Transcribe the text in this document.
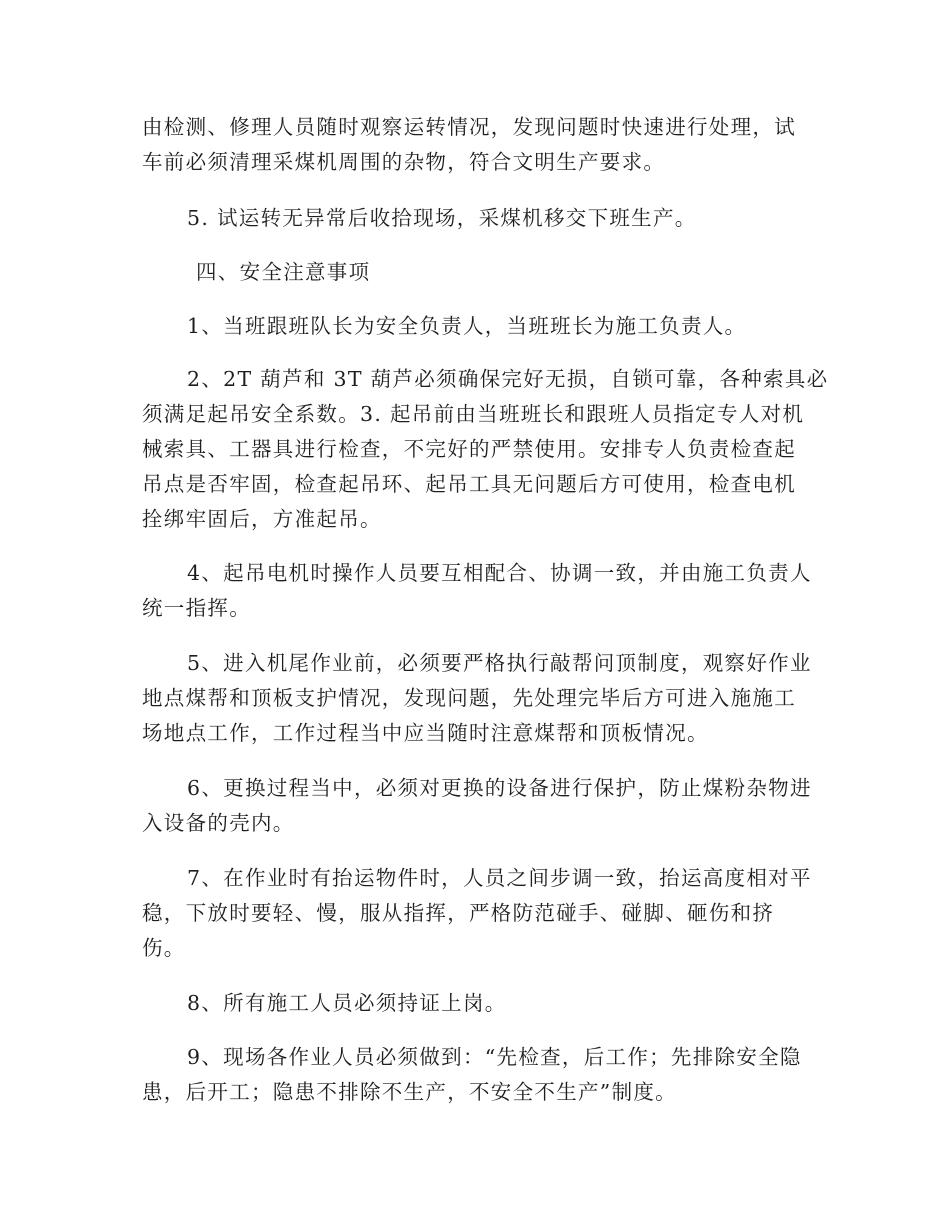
由检测、修理人员随时观察运转情况，发现问题时快速进行处理，试
车前必须清理采煤机周围的杂物，符合文明生产要求。
5. 试运转无异常后收拾现场，采煤机移交下班生产。
四、安全注意事项
1、当班跟班队长为安全负责人，当班班长为施工负责人。
2、2T 葫芦和 3T 葫芦必须确保完好无损，自锁可靠，各种索具必
须满足起吊安全系数。3. 起吊前由当班班长和跟班人员指定专人对机
械索具、工器具进行检查，不完好的严禁使用。安排专人负责检查起
吊点是否牢固，检查起吊环、起吊工具无问题后方可使用，检查电机
拴绑牢固后，方准起吊。
4、起吊电机时操作人员要互相配合、协调一致，并由施工负责人
统一指挥。
5、进入机尾作业前，必须要严格执行敲帮问顶制度，观察好作业
地点煤帮和顶板支护情况，发现问题，先处理完毕后方可进入施施工
场地点工作，工作过程当中应当随时注意煤帮和顶板情况。
6、更换过程当中，必须对更换的设备进行保护，防止煤粉杂物进
入设备的壳内。
7、在作业时有抬运物件时，人员之间步调一致，抬运高度相对平
稳，下放时要轻、慢，服从指挥，严格防范碰手、碰脚、砸伤和挤
伤。
8、所有施工人员必须持证上岗。
9、现场各作业人员必须做到：“先检查，后工作；先排除安全隐
患，后开工；隐患不排除不生产，不安全不生产”制度。
